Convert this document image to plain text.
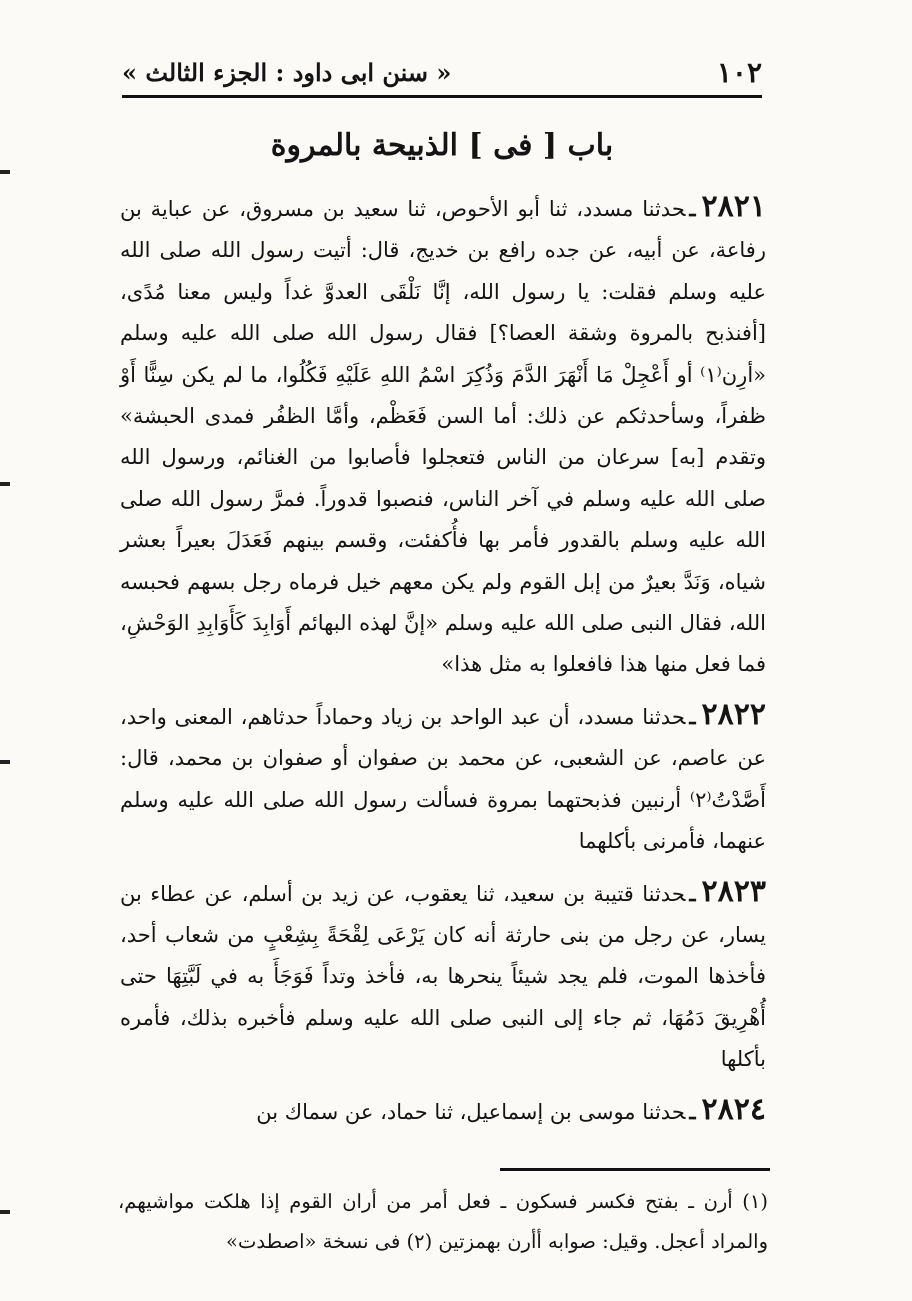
١٠٢
« سنن ابی داود : الجزء الثالث »
باب [ فی ] الذبیحة بالمروة

٢٨٢١ـحدثنا مسدد، ثنا أبو الأحوص، ثنا سعید بن مسروق، عن عبایة بن رفاعة، عن أبیه، عن جده رافع بن خدیج، قال: أتیت رسول الله صلى الله علیه وسلم فقلت: یا رسول الله، إنَّا نَلْقَى العدوَّ غداً ولیس معنا مُدًى، [أفنذبح بالمروة وشقة العصا؟] فقال رسول الله صلى الله علیه وسلم «أرِن⁽١⁾ أو أَعْجِلْ مَا أَنْهَرَ الدَّمَ وَذُكِرَ اسْمُ اللهِ عَلَیْهِ فَكُلُوا، ما لم یكن سِنًّا أَوْ ظفراً، وسأحدثكم عن ذلك: أما السن فَعَظْم، وأمَّا الظفُر فمدى الحبشة» وتقدم [به] سرعان من الناس فتعجلوا فأصابوا من الغنائم، ورسول الله صلى الله علیه وسلم في آخر الناس، فنصبوا قدوراً. فمرَّ رسول الله صلى الله علیه وسلم بالقدور فأمر بها فأُكفئت، وقسم بینهم فَعَدَلَ بعیراً بعشر شیاه، وَنَدَّ بعیرٌ من إبل القوم ولم یكن معهم خیل فرماه رجل بسهم فحبسه الله، فقال النبى صلى الله علیه وسلم «إنَّ لهذه البهائم أَوَابِدَ كَأَوَابِدِ الوَحْشِ، فما فعل منها هذا فافعلوا به مثل هذا»

٢٨٢٢ـحدثنا مسدد، أن عبد الواحد بن زیاد وحماداً حدثاهم، المعنى واحد، عن عاصم، عن الشعبى، عن محمد بن صفوان أو صفوان بن محمد، قال: أَصَّدْتُ⁽٢⁾ أرنبین فذبحتهما بمروة فسألت رسول الله صلى الله علیه وسلم عنهما، فأمرنى بأكلهما

٢٨٢٣ـحدثنا قتیبة بن سعید، ثنا یعقوب، عن زید بن أسلم، عن عطاء بن یسار، عن رجل من بنى حارثة أنه كان یَرْعَى لِقْحَةً بِشِعْبٍ من شعاب أحد، فأخذها الموت، فلم یجد شیئاً ینحرها به، فأخذ وتداً فَوَجَأَ به في لَبَّتِهَا حتى أُهْرِیقَ دَمُهَا، ثم جاء إلى النبى صلى الله علیه وسلم فأخبره بذلك، فأمره بأكلها

٢٨٢٤ـحدثنا موسى بن إسماعیل، ثنا حماد، عن سماك بن

(١) أرن ـ بفتح فكسر فسكون ـ فعل أمر من أران القوم إذا هلكت مواشیهم، والمراد أعجل. وقیل: صوابه أأرن بهمزتین (٢) فى نسخة «اصطدت»
